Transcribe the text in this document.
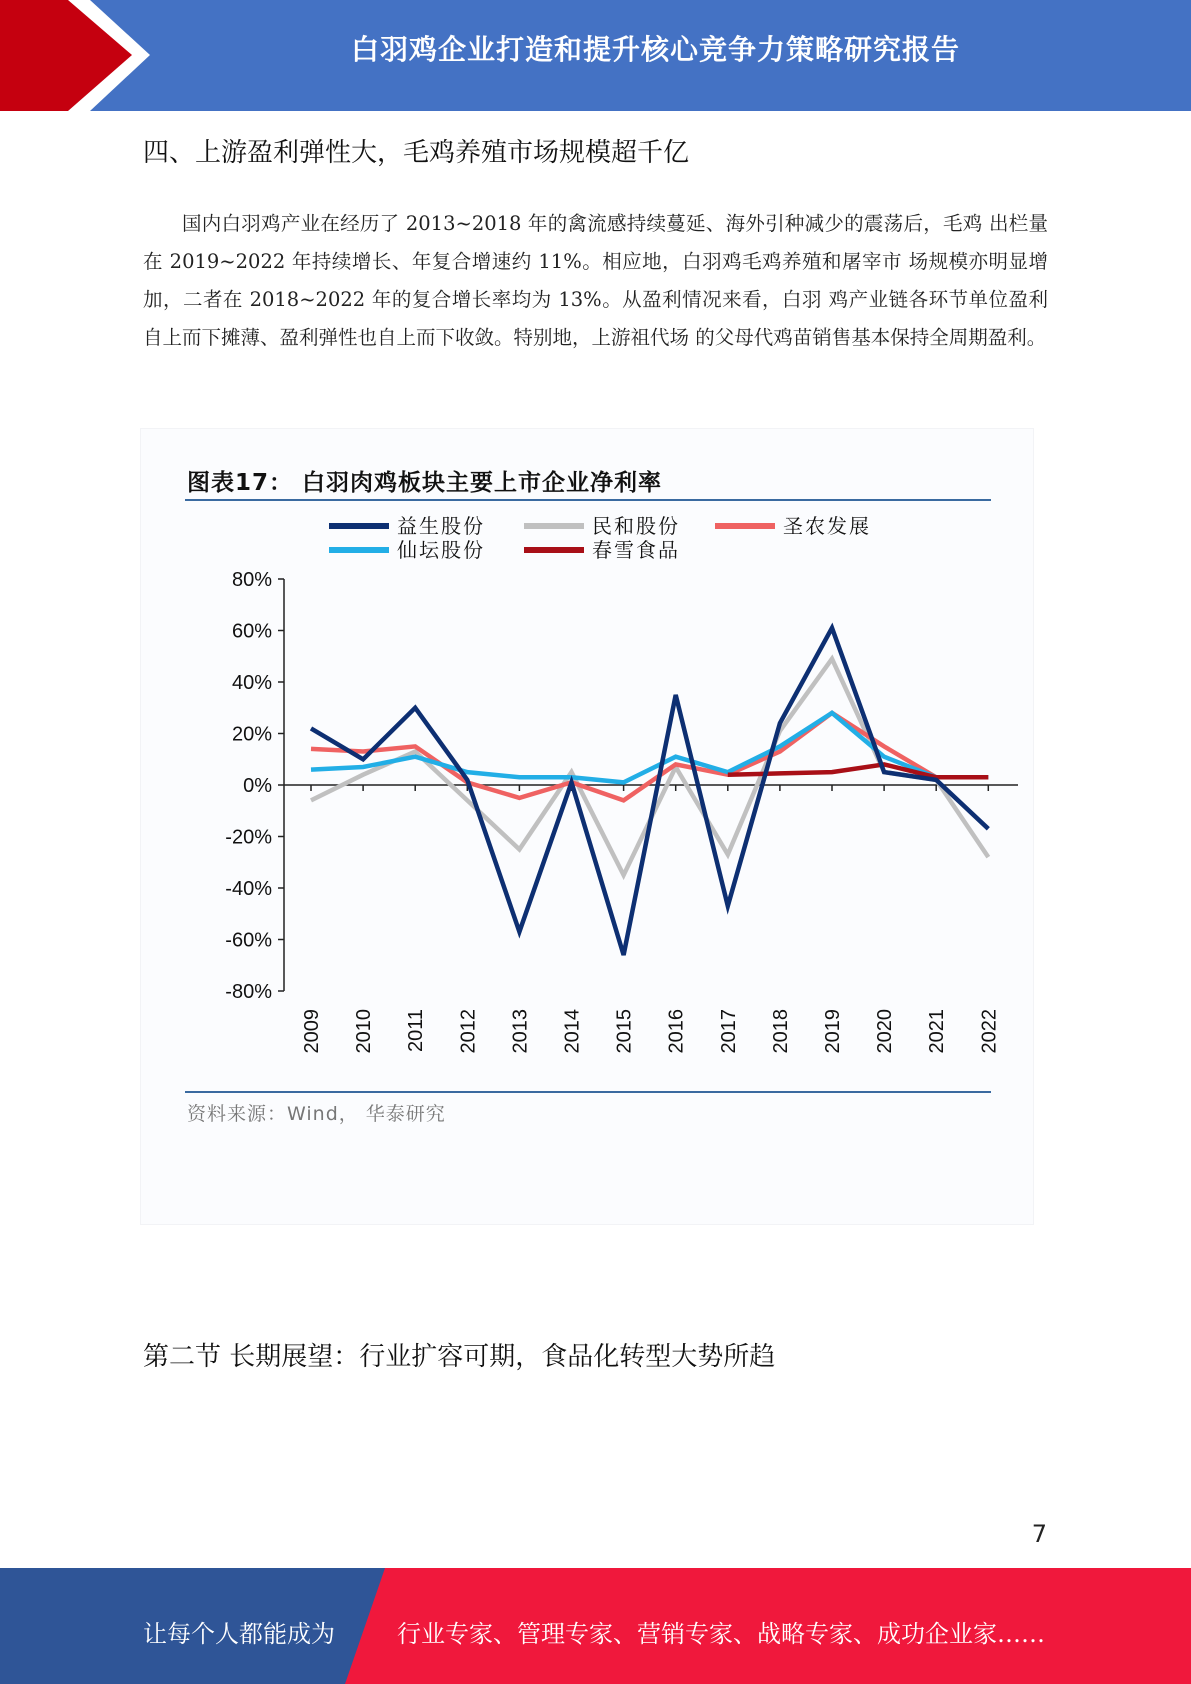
白羽鸡企业打造和提升核心竞争力策略研究报告
四、上游盈利弹性大，毛鸡养殖市场规模超千亿

国内白羽鸡产业在经历了 2013~2018 年的禽流感持续蔓延、海外引种减少的震荡后，毛鸡 出栏量在 2019~2022 年持续增长、年复合增速约 11%。相应地，白羽鸡毛鸡养殖和屠宰市 场规模亦明显增加，二者在 2018~2022 年的复合增长率均为 13%。从盈利情况来看，白羽 鸡产业链各环节单位盈利自上而下摊薄、盈利弹性也自上而下收敛。特别地，上游祖代场 的父母代鸡苗销售基本保持全周期盈利。

图表17： 白羽肉鸡板块主要上市企业净利率
80%
60%
40%
20%
0%
-20%
-40%
-60%
-80%
2009 2010 2011 2012 2013 2014 2015 2016 2017 2018 2019 2020 2021 2022
益生股份	民和股份	圣农发展
仙坛股份	春雪食品
资料来源：Wind， 华泰研究
第二节 长期展望：行业扩容可期，食品化转型大势所趋
7
让每个人都能成为	行业专家、管理专家、营销专家、战略专家、成功企业家……
